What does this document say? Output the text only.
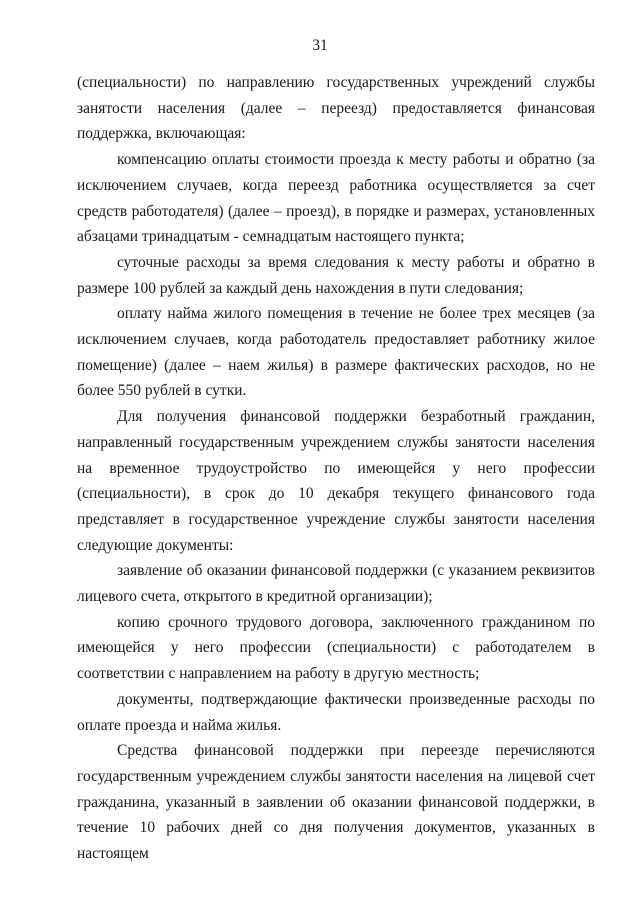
31

(специальности) по направлению государственных учреждений службы занятости населения (далее – переезд) предоставляется финансовая поддержка, включающая:

компенсацию оплаты стоимости проезда к месту работы и обратно (за исключением случаев, когда переезд работника осуществляется за счет средств работодателя) (далее – проезд), в порядке и размерах, установленных абзацами тринадцатым - семнадцатым настоящего пункта;

суточные расходы за время следования к месту работы и обратно в размере 100 рублей за каждый день нахождения в пути следования;

оплату найма жилого помещения в течение не более трех месяцев (за исключением случаев, когда работодатель предоставляет работнику жилое помещение) (далее – наем жилья) в размере фактических расходов, но не более 550 рублей в сутки.

Для получения финансовой поддержки безработный гражданин, направленный государственным учреждением службы занятости населения на временное трудоустройство по имеющейся у него профессии (специальности), в срок до 10 декабря текущего финансового года представляет в государственное учреждение службы занятости населения следующие документы:

заявление об оказании финансовой поддержки (с указанием реквизитов лицевого счета, открытого в кредитной организации);

копию срочного трудового договора, заключенного гражданином по имеющейся у него профессии (специальности) с работодателем в соответствии с направлением на работу в другую местность;

документы, подтверждающие фактически произведенные расходы по оплате проезда и найма жилья.

Средства финансовой поддержки при переезде перечисляются государственным учреждением службы занятости населения на лицевой счет гражданина, указанный в заявлении об оказании финансовой поддержки, в течение 10 рабочих дней со дня получения документов, указанных в настоящем
